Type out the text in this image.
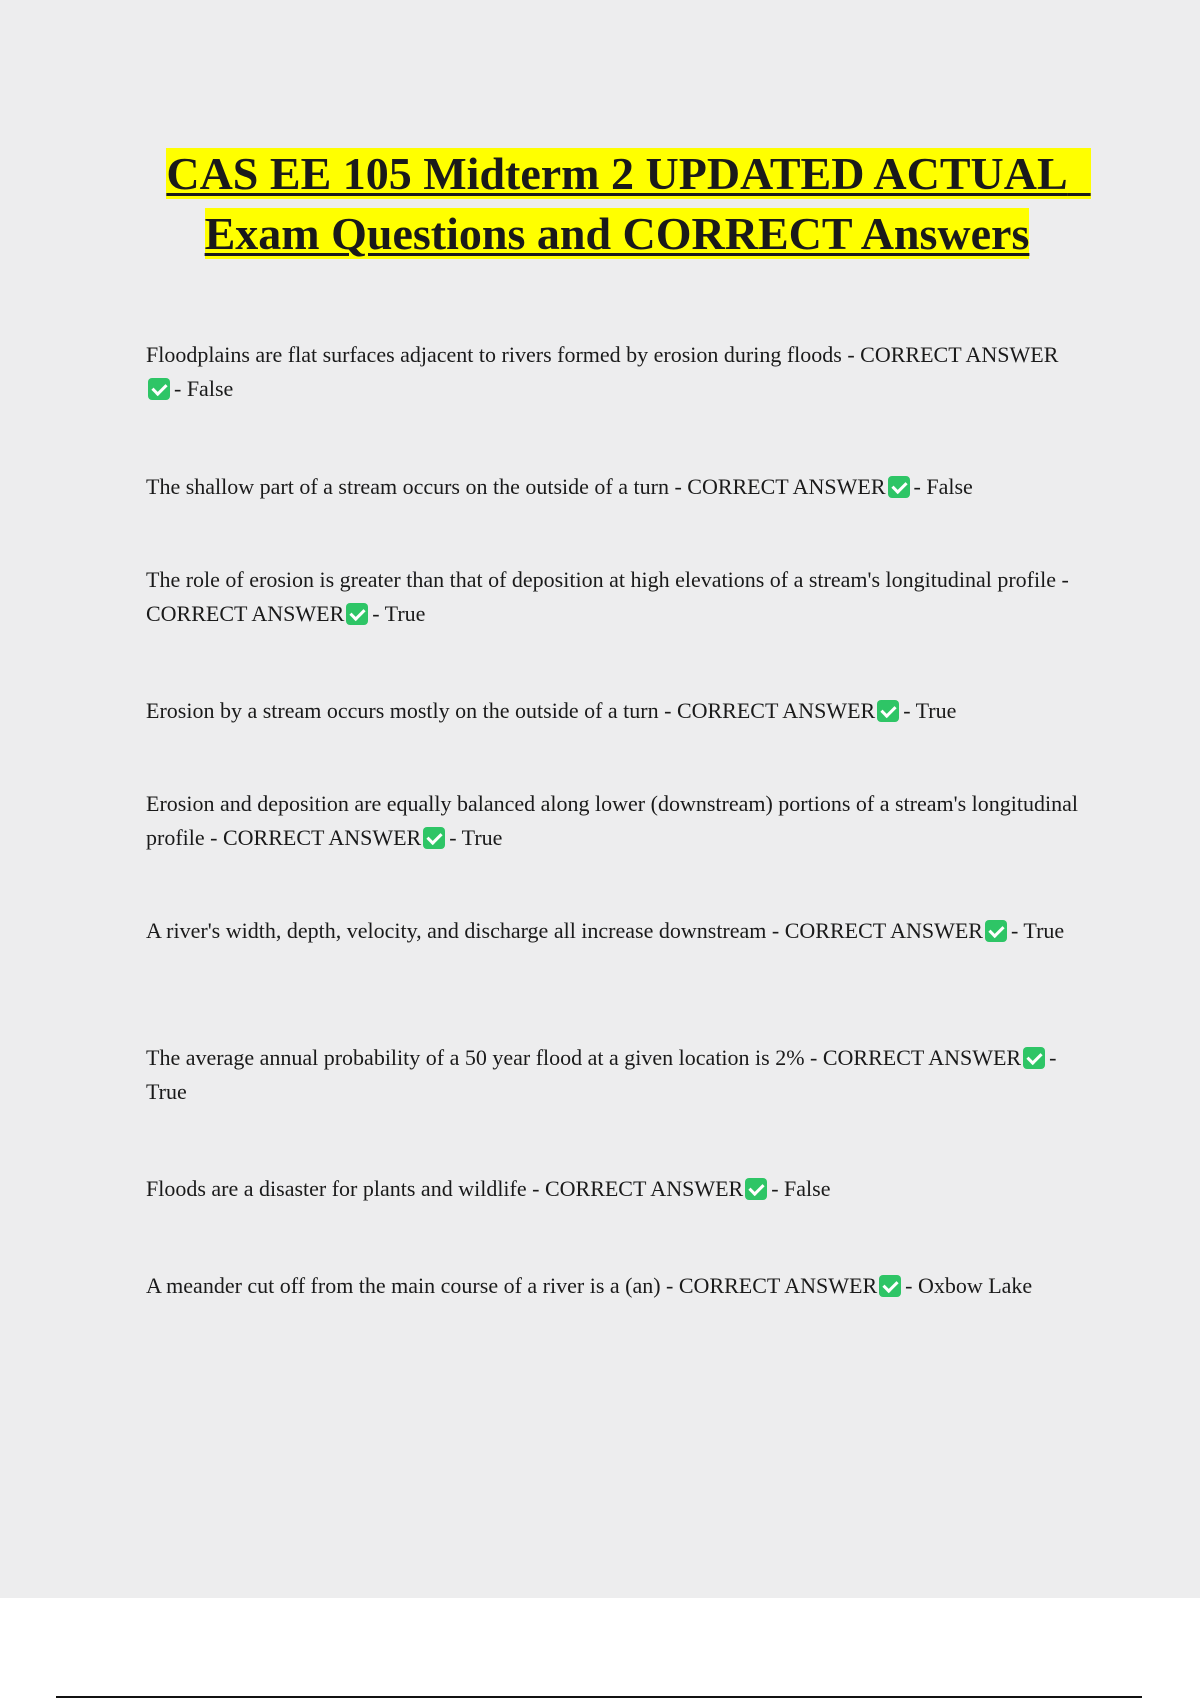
CAS EE 105 Midterm 2 UPDATED ACTUAL  Exam Questions and CORRECT Answers

Floodplains are flat surfaces adjacent to rivers formed by erosion during floods - CORRECT ANSWER- False

The shallow part of a stream occurs on the outside of a turn - CORRECT ANSWER - False

The role of erosion is greater than that of deposition at high elevations of a stream's longitudinal profile - CORRECT ANSWER - True

Erosion by a stream occurs mostly on the outside of a turn - CORRECT ANSWER - True

Erosion and deposition are equally balanced along lower (downstream) portions of a stream's longitudinal profile - CORRECT ANSWER - True

A river's width, depth, velocity, and discharge all increase downstream - CORRECT ANSWER - True

The average annual probability of a 50 year flood at a given location is 2% - CORRECT ANSWER - True

Floods are a disaster for plants and wildlife - CORRECT ANSWER - False

A meander cut off from the main course of a river is a (an) - CORRECT ANSWER - Oxbow Lake
